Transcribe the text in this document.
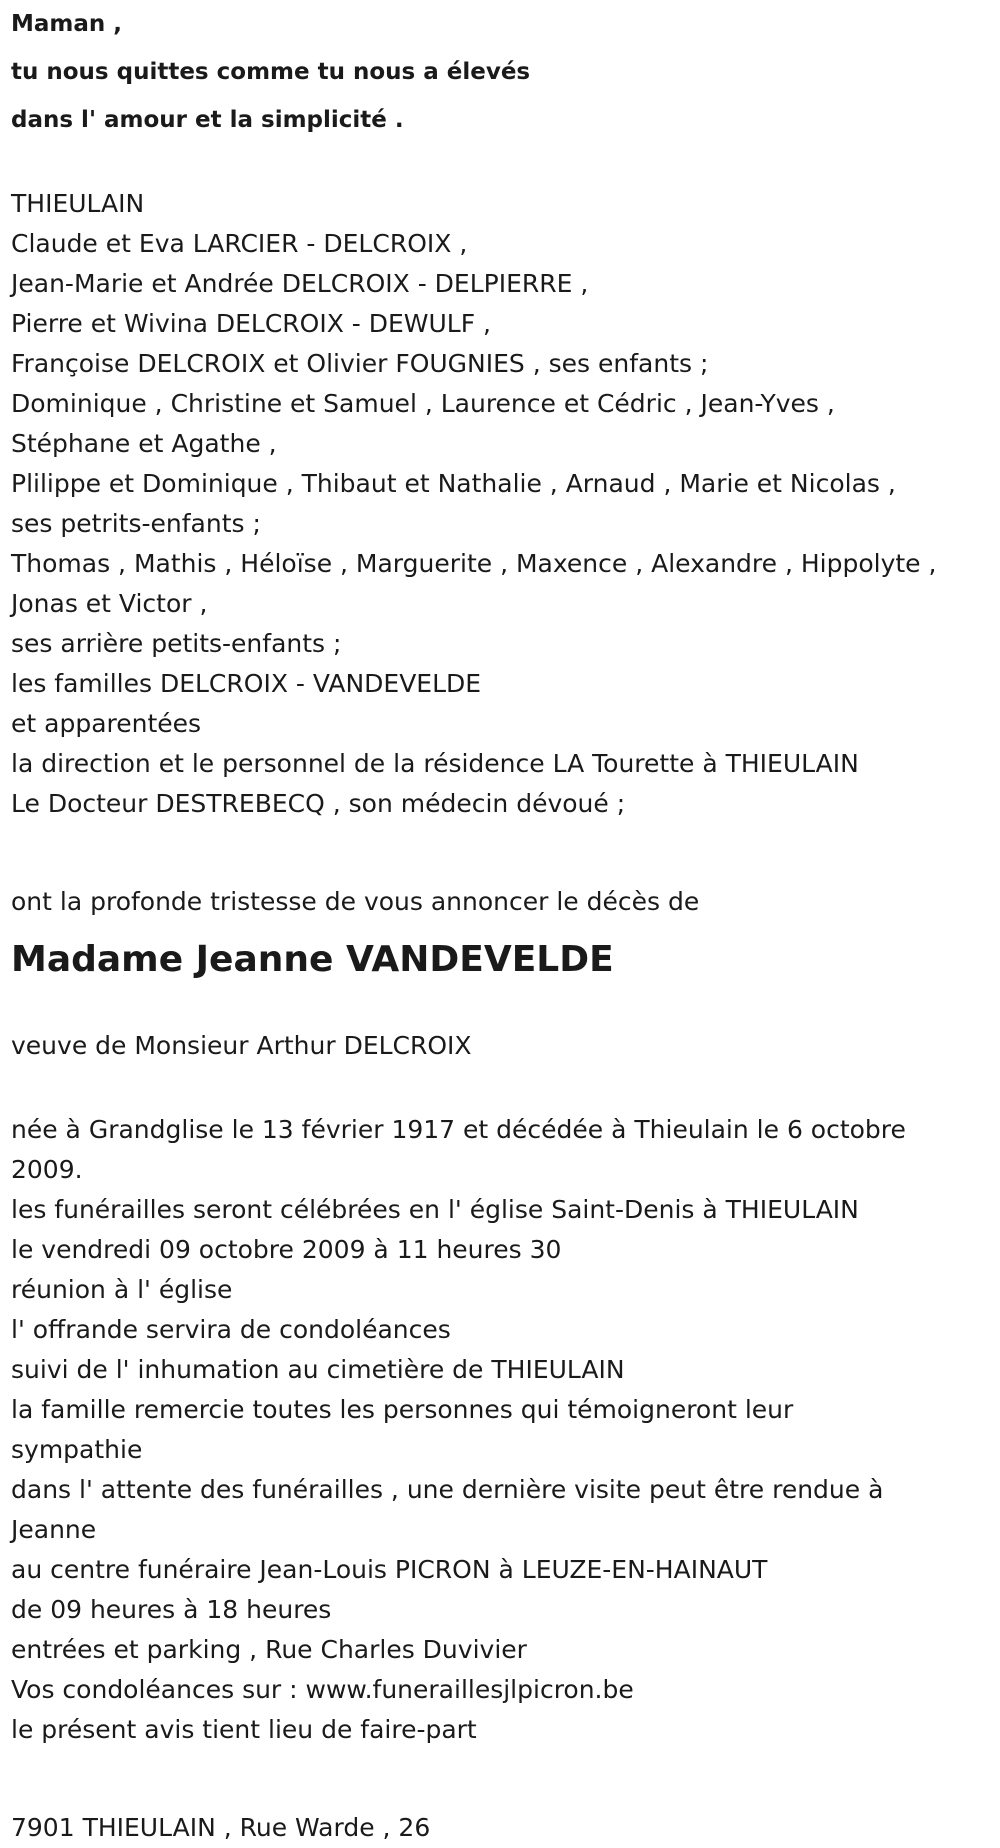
Maman ,
tu nous quittes comme tu nous a élevés
dans l' amour et la simplicité .
THIEULAIN
Claude et Eva LARCIER - DELCROIX ,
Jean-Marie et Andrée DELCROIX - DELPIERRE ,
Pierre et Wivina DELCROIX - DEWULF ,
Françoise DELCROIX et Olivier FOUGNIES , ses enfants ;
Dominique , Christine et Samuel , Laurence et Cédric , Jean-Yves ,
Stéphane et Agathe ,
Plilippe et Dominique , Thibaut et Nathalie , Arnaud , Marie et Nicolas ,
ses petrits-enfants ;
Thomas , Mathis , Héloïse , Marguerite , Maxence , Alexandre , Hippolyte ,
Jonas et Victor ,
ses arrière petits-enfants ;
les familles DELCROIX - VANDEVELDE
et apparentées
la direction et le personnel de la résidence LA Tourette à THIEULAIN
Le Docteur DESTREBECQ , son médecin dévoué ;
ont la profonde tristesse de vous annoncer le décès de
Madame Jeanne VANDEVELDE
veuve de Monsieur Arthur DELCROIX
née à Grandglise le 13 février 1917 et décédée à Thieulain le 6 octobre
2009.
les funérailles seront célébrées en l' église Saint-Denis à THIEULAIN
le vendredi 09 octobre 2009 à 11 heures 30
réunion à l' église
l' offrande servira de condoléances
suivi de l' inhumation au cimetière de THIEULAIN
la famille remercie toutes les personnes qui témoigneront leur
sympathie
dans l' attente des funérailles , une dernière visite peut être rendue à
Jeanne
au centre funéraire Jean-Louis PICRON à LEUZE-EN-HAINAUT
de 09 heures à 18 heures
entrées et parking , Rue Charles Duvivier
Vos condoléances sur : www.funeraillesjlpicron.be
le présent avis tient lieu de faire-part
7901 THIEULAIN , Rue Warde , 26
